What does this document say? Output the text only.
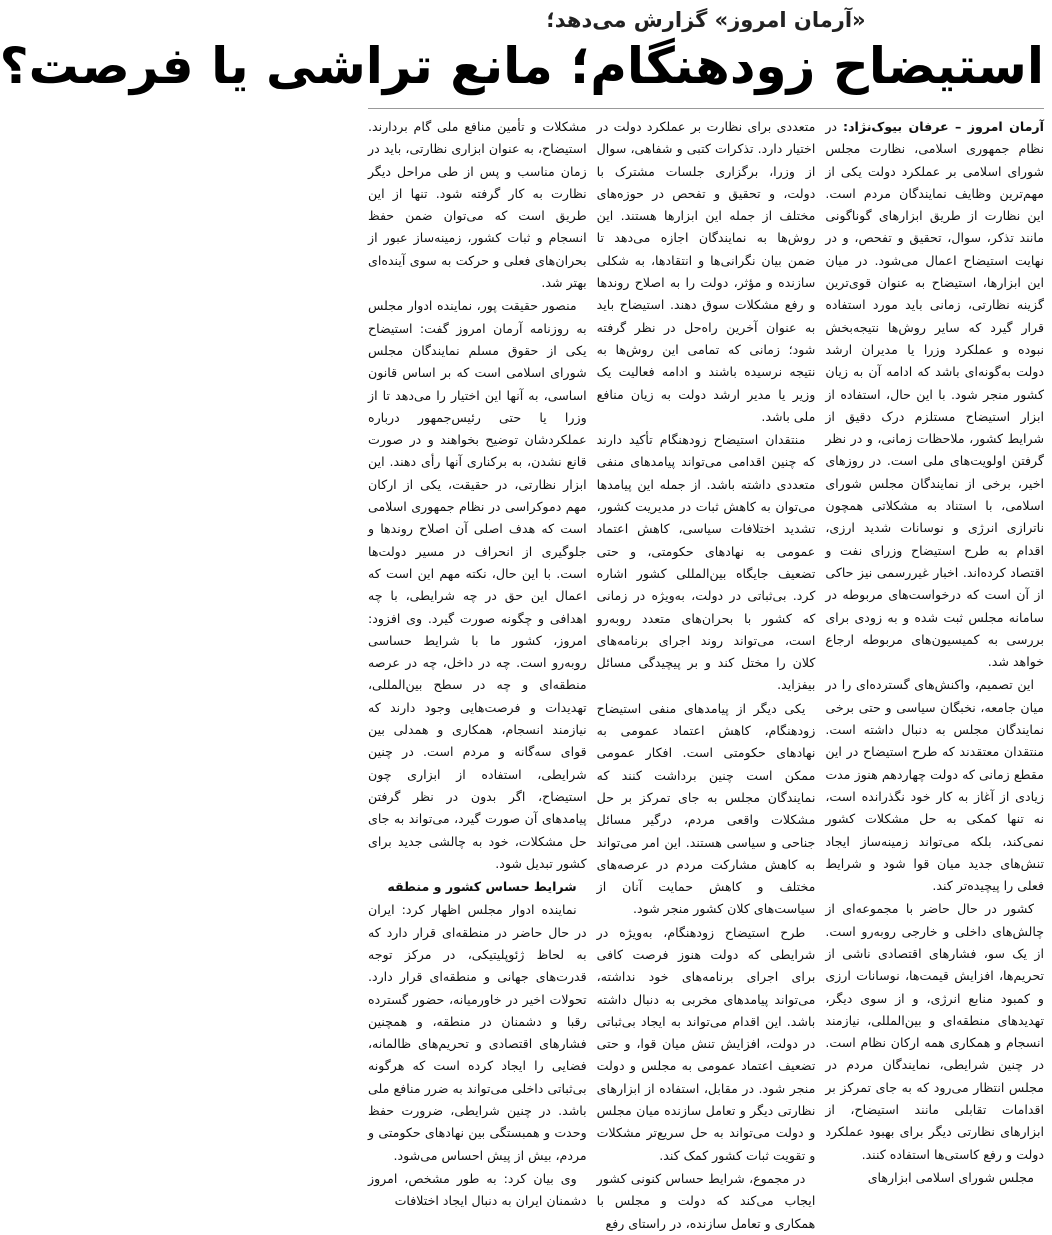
«آرمان امروز» گزارش می‌دهد؛
استیضاح زودهنگام؛ مانع تراشی یا فرصت؟

آرمان امروز – عرفان بیوک‌نژاد: در نظام جمهوری اسلامی، نظارت مجلس شورای اسلامی بر عملکرد دولت یکی از مهم‌ترین وظایف نمایندگان مردم است. این نظارت از طریق ابزارهای گوناگونی مانند تذکر، سوال، تحقیق و تفحص، و در نهایت استیضاح اعمال می‌شود. در میان این ابزارها، استیضاح به عنوان قوی‌ترین گزینه نظارتی، زمانی باید مورد استفاده قرار گیرد که سایر روش‌ها نتیجه‌بخش نبوده و عملکرد وزرا یا مدیران ارشد دولت به‌گونه‌ای باشد که ادامه آن به زیان کشور منجر شود. با این حال، استفاده از ابزار استیضاح مستلزم درک دقیق از شرایط کشور، ملاحظات زمانی، و در نظر گرفتن اولویت‌های ملی است. در روزهای اخیر، برخی از نمایندگان مجلس شورای اسلامی، با استناد به مشکلاتی همچون ناترازی انرژی و نوسانات شدید ارزی، اقدام به طرح استیضاح وزرای نفت و اقتصاد کرده‌اند. اخبار غیررسمی نیز حاکی از آن است که درخواست‌های مربوطه در سامانه مجلس ثبت شده و به زودی برای بررسی به کمیسیون‌های مربوطه ارجاع خواهد شد.

این تصمیم، واکنش‌های گسترده‌ای را در میان جامعه، نخبگان سیاسی و حتی برخی نمایندگان مجلس به دنبال داشته است. منتقدان معتقدند که طرح استیضاح در این مقطع زمانی که دولت چهاردهم هنوز مدت زیادی از آغاز به کار خود نگذرانده است، نه تنها کمکی به حل مشکلات کشور نمی‌کند، بلکه می‌تواند زمینه‌ساز ایجاد تنش‌های جدید میان قوا شود و شرایط فعلی را پیچیده‌تر کند.

کشور در حال حاضر با مجموعه‌ای از چالش‌های داخلی و خارجی روبه‌رو است. از یک سو، فشارهای اقتصادی ناشی از تحریم‌ها، افزایش قیمت‌ها، نوسانات ارزی و کمبود منابع انرژی، و از سوی دیگر، تهدیدهای منطقه‌ای و بین‌المللی، نیازمند انسجام و همکاری همه ارکان نظام است. در چنین شرایطی، نمایندگان مردم در مجلس انتظار می‌رود که به جای تمرکز بر اقدامات تقابلی مانند استیضاح، از ابزارهای نظارتی دیگر برای بهبود عملکرد دولت و رفع کاستی‌ها استفاده کنند.

مجلس شورای اسلامی ابزارهای

متعددی برای نظارت بر عملکرد دولت در اختیار دارد. تذکرات کتبی و شفاهی، سوال از وزرا، برگزاری جلسات مشترک با دولت، و تحقیق و تفحص در حوزه‌های مختلف از جمله این ابزارها هستند. این روش‌ها به نمایندگان اجازه می‌دهد تا ضمن بیان نگرانی‌ها و انتقادها، به شکلی سازنده و مؤثر، دولت را به اصلاح روندها و رفع مشکلات سوق دهند. استیضاح باید به عنوان آخرین راه‌حل در نظر گرفته شود؛ زمانی که تمامی این روش‌ها به نتیجه نرسیده باشند و ادامه فعالیت یک وزیر یا مدیر ارشد دولت به زیان منافع ملی باشد.

منتقدان استیضاح زودهنگام تأکید دارند که چنین اقدامی می‌تواند پیامدهای منفی متعددی داشته باشد. از جمله این پیامدها می‌توان به کاهش ثبات در مدیریت کشور، تشدید اختلافات سیاسی، کاهش اعتماد عمومی به نهادهای حکومتی، و حتی تضعیف جایگاه بین‌المللی کشور اشاره کرد. بی‌ثباتی در دولت، به‌ویژه در زمانی که کشور با بحران‌های متعدد روبه‌رو است، می‌تواند روند اجرای برنامه‌های کلان را مختل کند و بر پیچیدگی مسائل بیفزاید.

یکی دیگر از پیامدهای منفی استیضاح زودهنگام، کاهش اعتماد عمومی به نهادهای حکومتی است. افکار عمومی ممکن است چنین برداشت کنند که نمایندگان مجلس به جای تمرکز بر حل مشکلات واقعی مردم، درگیر مسائل جناحی و سیاسی هستند. این امر می‌تواند به کاهش مشارکت مردم در عرصه‌های مختلف و کاهش حمایت آنان از سیاست‌های کلان کشور منجر شود.

طرح استیضاح زودهنگام، به‌ویژه در شرایطی که دولت هنوز فرصت کافی برای اجرای برنامه‌های خود نداشته، می‌تواند پیامدهای مخربی به دنبال داشته باشد. این اقدام می‌تواند به ایجاد بی‌ثباتی در دولت، افزایش تنش میان قوا، و حتی تضعیف اعتماد عمومی به مجلس و دولت منجر شود. در مقابل، استفاده از ابزارهای نظارتی دیگر و تعامل سازنده میان مجلس و دولت می‌تواند به حل سریع‌تر مشکلات و تقویت ثبات کشور کمک کند.

در مجموع، شرایط حساس کنونی کشور ایجاب می‌کند که دولت و مجلس با همکاری و تعامل سازنده، در راستای رفع

مشکلات و تأمین منافع ملی گام بردارند. استیضاح، به عنوان ابزاری نظارتی، باید در زمان مناسب و پس از طی مراحل دیگر نظارت به کار گرفته شود. تنها از این طریق است که می‌توان ضمن حفظ انسجام و ثبات کشور، زمینه‌ساز عبور از بحران‌های فعلی و حرکت به سوی آینده‌ای بهتر شد.

منصور حقیقت پور، نماینده ادوار مجلس به روزنامه آرمان امروز گفت: استیضاح یکی از حقوق مسلم نمایندگان مجلس شورای اسلامی است که بر اساس قانون اساسی، به آنها این اختیار را می‌دهد تا از وزرا یا حتی رئیس‌جمهور درباره عملکردشان توضیح بخواهند و در صورت قانع نشدن، به برکناری آنها رأی دهند. این ابزار نظارتی، در حقیقت، یکی از ارکان مهم دموکراسی در نظام جمهوری اسلامی است که هدف اصلی آن اصلاح روندها و جلوگیری از انحراف در مسیر دولت‌ها است. با این حال، نکته مهم این است که اعمال این حق در چه شرایطی، با چه اهدافی و چگونه صورت گیرد. وی افزود: امروز، کشور ما با شرایط حساسی روبه‌رو است. چه در داخل، چه در عرصه منطقه‌ای و چه در سطح بین‌المللی، تهدیدات و فرصت‌هایی وجود دارند که نیازمند انسجام، همکاری و همدلی بین قوای سه‌گانه و مردم است. در چنین شرایطی، استفاده از ابزاری چون استیضاح، اگر بدون در نظر گرفتن پیامدهای آن صورت گیرد، می‌تواند به جای حل مشکلات، خود به چالشی جدید برای کشور تبدیل شود.

شرایط حساس کشور و منطقه

نماینده ادوار مجلس اظهار کرد: ایران در حال حاضر در منطقه‌ای قرار دارد که به لحاظ ژئوپلیتیکی، در مرکز توجه قدرت‌های جهانی و منطقه‌ای قرار دارد. تحولات اخیر در خاورمیانه، حضور گسترده رقبا و دشمنان در منطقه، و همچنین فشارهای اقتصادی و تحریم‌های ظالمانه، فضایی را ایجاد کرده است که هرگونه بی‌ثباتی داخلی می‌تواند به ضرر منافع ملی باشد. در چنین شرایطی، ضرورت حفظ وحدت و همبستگی بین نهادهای حکومتی و مردم، بیش از پیش احساس می‌شود.

وی بیان کرد: به طور مشخص، امروز دشمنان ایران به دنبال ایجاد اختلافات
